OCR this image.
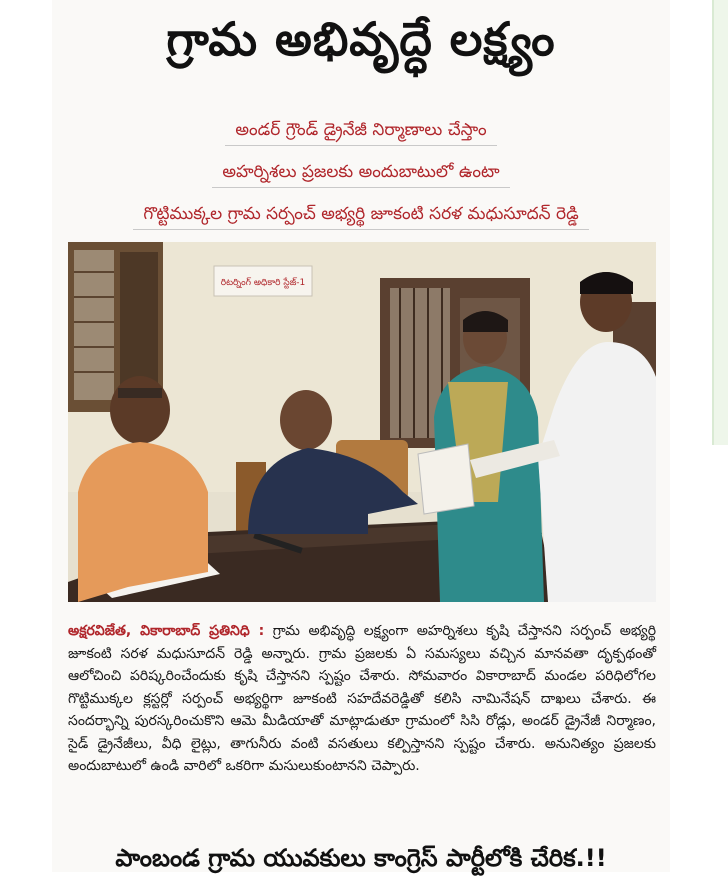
గ్రామ అభివృద్ధే లక్ష్యం
అండర్ గ్రౌండ్ డ్రైనేజీ నిర్మాణాలు చేస్తాం
అహర్నిశలు ప్రజలకు అందుబాటులో ఉంటా
గొట్టిముక్కల గ్రామ సర్పంచ్ అభ్యర్థి జూకంటి సరళ మధుసూదన్ రెడ్డి
రిటర్నింగ్ అధికారి స్టేజ్-1
అక్షరవిజేత, వికారాబాద్ ప్రతినిధి : గ్రామ అభివృద్ధి లక్ష్యంగా అహర్నిశలు కృషి చేస్తానని సర్పంచ్ అభ్యర్థి జూకంటి సరళ మధుసూదన్ రెడ్డి అన్నారు. గ్రామ ప్రజలకు ఏ సమస్యలు వచ్చిన మానవతా దృక్పథంతో ఆలోచించి పరిష్కరించేందుకు కృషి చేస్తానని స్పష్టం చేశారు. సోమవారం వికారాబాద్ మండల పరిధిలోగల గొట్టిముక్కల క్లస్టర్లో సర్పంచ్ అభ్యర్థిగా జూకంటి సహదేవరెడ్డితో కలిసి నామినేషన్ దాఖలు చేశారు. ఈ సందర్భాన్ని పురస్కరించుకొని ఆమె మీడియాతో మాట్లాడుతూ గ్రామంలో సిసి రోడ్లు, అండర్ డ్రైనేజీ నిర్మాణం, సైడ్ డ్రైనేజీలు, వీధి లైట్లు, తాగునీరు వంటి వసతులు కల్పిస్తానని స్పష్టం చేశారు. అనునిత్యం ప్రజలకు అందుబాటులో ఉండి వారిలో ఒకరిగా మసులుకుంటానని చెప్పారు.
పాంబండ గ్రామ యువకులు కాంగ్రెస్ పార్టీలోకి చేరిక.!!
